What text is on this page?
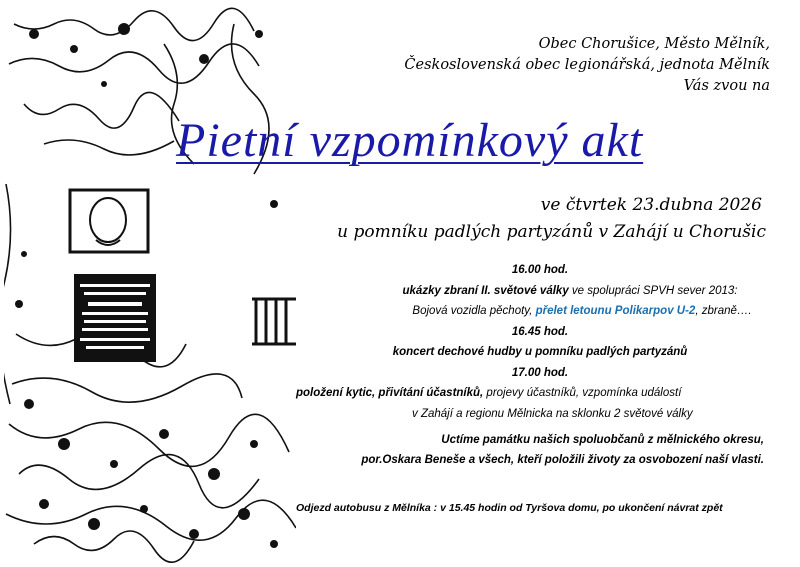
Obec Chorušice, Město Mělník,
Československá obec legionářská, jednota Mělník
Vás zvou na
Pietní vzpomínkový akt
ve čtvrtek 23.dubna 2026
u pomníku padlých partyzánů v Zahájí u Chorušic
16.00 hod.
ukázky zbraní II. světové války ve spolupráci SPVH sever 2013:
Bojová vozidla pěchoty, přelet letounu Polikarpov U-2, zbraně….
16.45 hod.
koncert dechové hudby u pomníku padlých partyzánů
17.00 hod.
položení kytic, přivítání účastníků, projevy účastníků, vzpomínka událostí
v Zahájí a regionu Mělnicka na sklonku 2 světové války
Uctíme památku našich spoluobčanů z mělnického okresu,
por.Oskara Beneše a všech, kteří položili životy za osvobození naší vlasti.
Odjezd autobusu z Mělníka : v 15.45 hodin od Tyršova domu, po ukončení návrat zpět
